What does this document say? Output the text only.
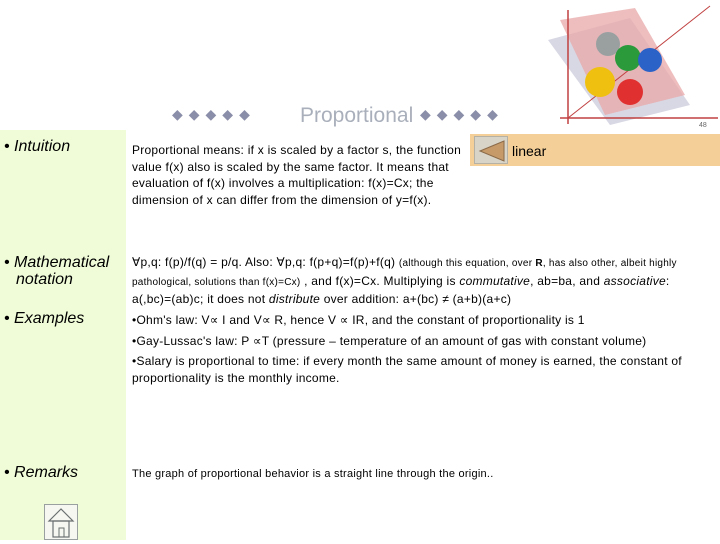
◆◆◆◆◆ Proportional ◆◆◆◆◆
48
linear
• Intuition	Proportional means: if x is scaled by a factor s, the function value f(x) also is scaled by the same factor. It means that evaluation of f(x) involves a multiplication: f(x)=Cx; the dimension of x can differ from the dimension of y=f(x).
• Mathematical
notation
∀p,q: f(p)/f(q) = p/q. Also: ∀p,q: f(p+q)=f(p)+f(q) (although this equation, over R, has also other, albeit highly pathological, solutions than f(x)=Cx) , and f(x)=Cx. Multiplying is commutative, ab=ba, and associative: a(,bc)=(ab)c; it does not distribute over addition: a+(bc) ≠ (a+b)(a+c)
• Examples	•Ohm's law: V∝ I and V∝ R, hence V ∝ IR, and the constant of proportionality is 1
•Gay-Lussac's law: P ∝T (pressure – temperature of an amount of gas with constant volume)
•Salary is proportional to time: if every month the same amount of money is earned, the constant of proportionality is the monthly income.
• Remarks	The graph of proportional behavior is a straight line through the origin..
